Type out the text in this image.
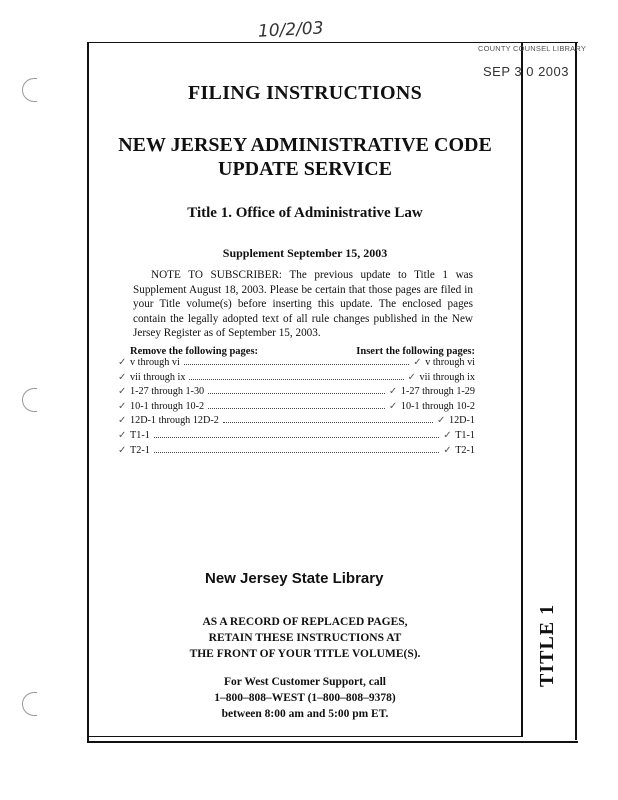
10/2/03
COUNTY COUNSEL LIBRARY
SEP 3 0 2003
FILING INSTRUCTIONS
NEW JERSEY ADMINISTRATIVE CODE
UPDATE SERVICE
Title 1. Office of Administrative Law
Supplement September 15, 2003
NOTE TO SUBSCRIBER: The previous update to Title 1 was Supplement August 18, 2003. Please be certain that those pages are filed in your Title volume(s) before inserting this update. The enclosed pages contain the legally adopted text of all rule changes published in the New Jersey Register as of September 15, 2003.
Remove the following pages:	Insert the following pages:
✓ v through vi	✓ v through vi
✓ vii through ix	✓ vii through ix
✓ 1-27 through 1-30	✓ 1-27 through 1-29
✓ 10-1 through 10-2	✓ 10-1 through 10-2
✓ 12D-1 through 12D-2	✓ 12D-1
✓ T1-1	✓ T1-1
✓ T2-1	✓ T2-1
New Jersey State Library
AS A RECORD OF REPLACED PAGES,
RETAIN THESE INSTRUCTIONS AT
THE FRONT OF YOUR TITLE VOLUME(S).
For West Customer Support, call
1–800–808–WEST (1–800–808–9378)
between 8:00 am and 5:00 pm ET.
TITLE 1
